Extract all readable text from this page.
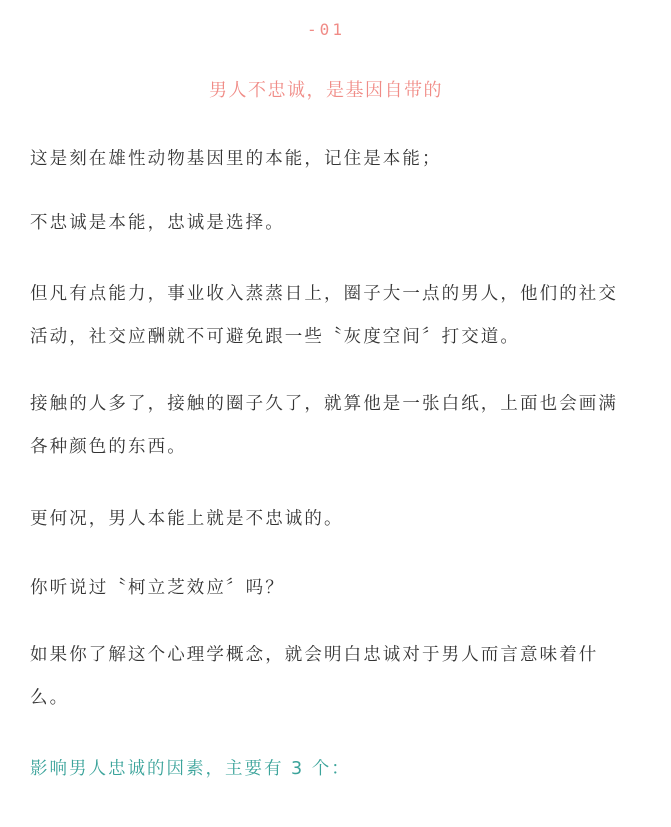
-01
男人不忠诚，是基因自带的

这是刻在雄性动物基因里的本能，记住是本能；

不忠诚是本能，忠诚是选择。

但凡有点能力，事业收入蒸蒸日上，圈子大一点的男人，他们的社交活动，社交应酬就不可避免跟一些〝灰度空间〞打交道。

接触的人多了，接触的圈子久了，就算他是一张白纸，上面也会画满各种颜色的东西。

更何况，男人本能上就是不忠诚的。

你听说过〝柯立芝效应〞吗？

如果你了解这个心理学概念，就会明白忠诚对于男人而言意味着什么。

影响男人忠诚的因素，主要有 3 个：
